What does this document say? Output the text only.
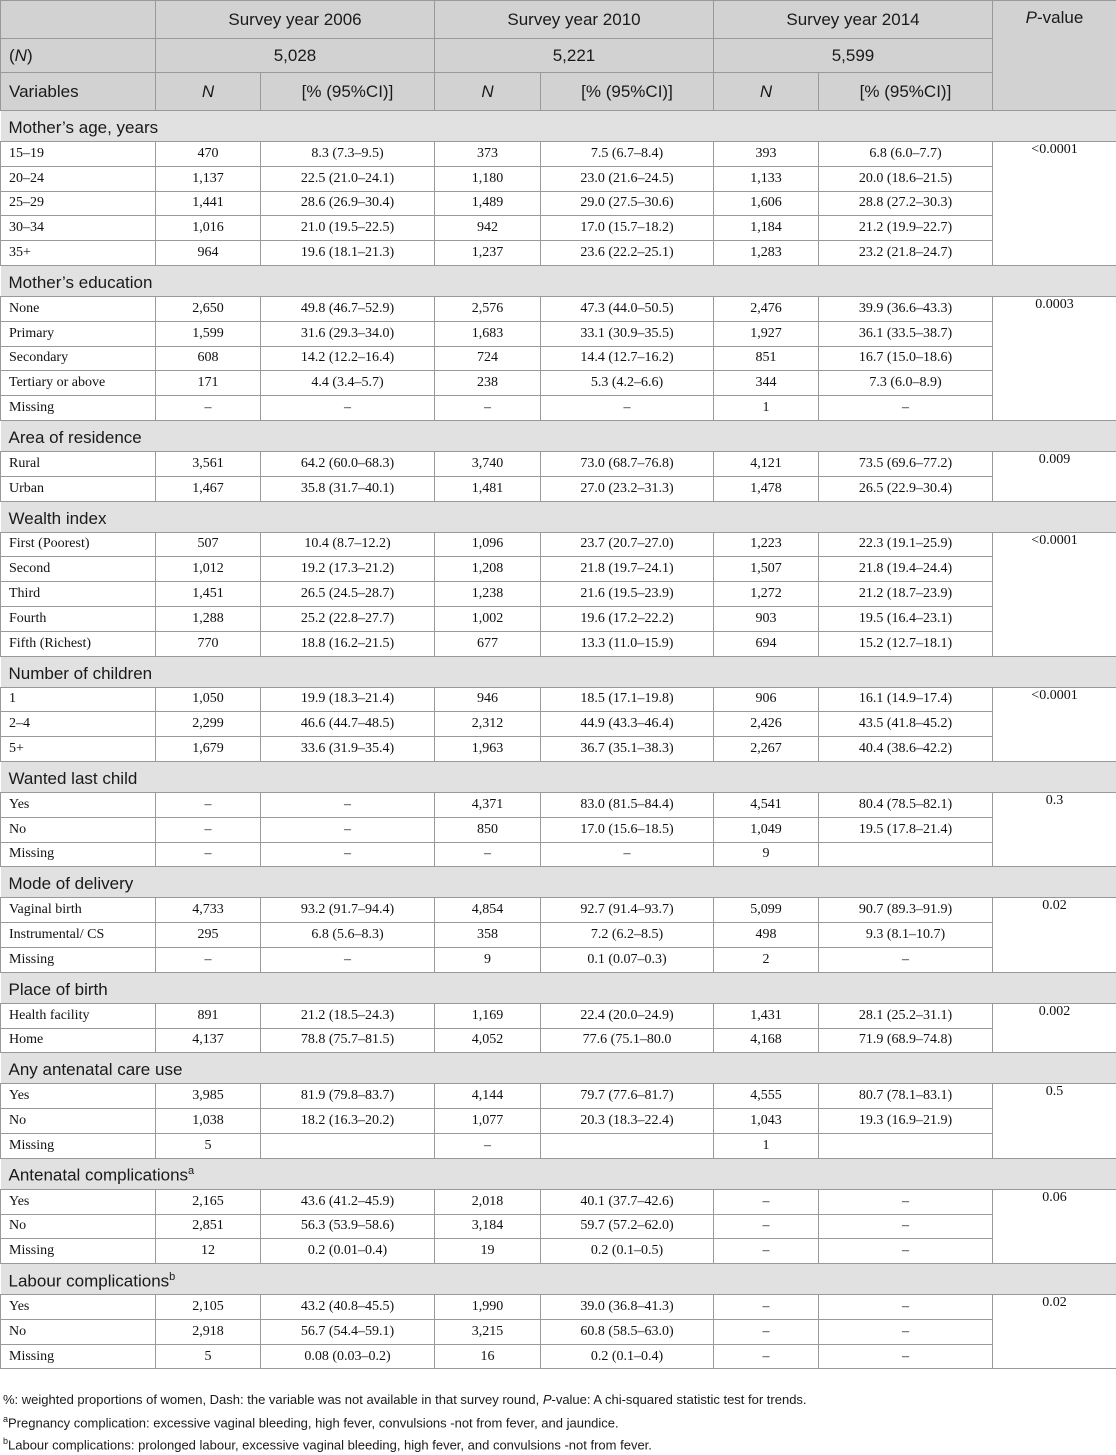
	Survey year 2006		Survey year 2010		Survey year 2014		P-value
(N)	5,028		5,221		5,599		
Variables	N	[% (95%CI)]	N	[% (95%CI)]	N	[% (95%CI)]	
Mother’s age, years							
15–19	470	8.3 (7.3–9.5)	373	7.5 (6.7–8.4)	393	6.8 (6.0–7.7)	<0.0001
20–24	1,137	22.5 (21.0–24.1)	1,180	23.0 (21.6–24.5)	1,133	20.0 (18.6–21.5)	
25–29	1,441	28.6 (26.9–30.4)	1,489	29.0 (27.5–30.6)	1,606	28.8 (27.2–30.3)	
30–34	1,016	21.0 (19.5–22.5)	942	17.0 (15.7–18.2)	1,184	21.2 (19.9–22.7)	
35+	964	19.6 (18.1–21.3)	1,237	23.6 (22.2–25.1)	1,283	23.2 (21.8–24.7)	
Mother’s education							
None	2,650	49.8 (46.7–52.9)	2,576	47.3 (44.0–50.5)	2,476	39.9 (36.6–43.3)	0.0003
Primary	1,599	31.6 (29.3–34.0)	1,683	33.1 (30.9–35.5)	1,927	36.1 (33.5–38.7)	
Secondary	608	14.2 (12.2–16.4)	724	14.4 (12.7–16.2)	851	16.7 (15.0–18.6)	
Tertiary or above	171	4.4 (3.4–5.7)	238	5.3 (4.2–6.6)	344	7.3 (6.0–8.9)	
Missing	–	–	–	–	1	–	
Area of residence							
Rural	3,561	64.2 (60.0–68.3)	3,740	73.0 (68.7–76.8)	4,121	73.5 (69.6–77.2)	0.009
Urban	1,467	35.8 (31.7–40.1)	1,481	27.0 (23.2–31.3)	1,478	26.5 (22.9–30.4)	
Wealth index							
First (Poorest)	507	10.4 (8.7–12.2)	1,096	23.7 (20.7–27.0)	1,223	22.3 (19.1–25.9)	<0.0001
Second	1,012	19.2 (17.3–21.2)	1,208	21.8 (19.7–24.1)	1,507	21.8 (19.4–24.4)	
Third	1,451	26.5 (24.5–28.7)	1,238	21.6 (19.5–23.9)	1,272	21.2 (18.7–23.9)	
Fourth	1,288	25.2 (22.8–27.7)	1,002	19.6 (17.2–22.2)	903	19.5 (16.4–23.1)	
Fifth (Richest)	770	18.8 (16.2–21.5)	677	13.3 (11.0–15.9)	694	15.2 (12.7–18.1)	
Number of children							
1	1,050	19.9 (18.3–21.4)	946	18.5 (17.1–19.8)	906	16.1 (14.9–17.4)	<0.0001
2–4	2,299	46.6 (44.7–48.5)	2,312	44.9 (43.3–46.4)	2,426	43.5 (41.8–45.2)	
5+	1,679	33.6 (31.9–35.4)	1,963	36.7 (35.1–38.3)	2,267	40.4 (38.6–42.2)	
Wanted last child							
Yes	–	–	4,371	83.0 (81.5–84.4)	4,541	80.4 (78.5–82.1)	0.3
No	–	–	850	17.0 (15.6–18.5)	1,049	19.5 (17.8–21.4)	
Missing	–	–	–	–	9		
Mode of delivery							
Vaginal birth	4,733	93.2 (91.7–94.4)	4,854	92.7 (91.4–93.7)	5,099	90.7 (89.3–91.9)	0.02
Instrumental/ CS	295	6.8 (5.6–8.3)	358	7.2 (6.2–8.5)	498	9.3 (8.1–10.7)	
Missing	–	–	9	0.1 (0.07–0.3)	2	–	
Place of birth							
Health facility	891	21.2 (18.5–24.3)	1,169	22.4 (20.0–24.9)	1,431	28.1 (25.2–31.1)	0.002
Home	4,137	78.8 (75.7–81.5)	4,052	77.6 (75.1–80.0	4,168	71.9 (68.9–74.8)	
Any antenatal care use							
Yes	3,985	81.9 (79.8–83.7)	4,144	79.7 (77.6–81.7)	4,555	80.7 (78.1–83.1)	0.5
No	1,038	18.2 (16.3–20.2)	1,077	20.3 (18.3–22.4)	1,043	19.3 (16.9–21.9)	
Missing	5		–		1		
Antenatal complications$^a$
Yes	2,165	43.6 (41.2–45.9)	2,018	40.1 (37.7–42.6)	–	–	0.06
No	2,851	56.3 (53.9–58.6)	3,184	59.7 (57.2–62.0)	–	–	
Missing	12	0.2 (0.01–0.4)	19	0.2 (0.1–0.5)	–	–	
Labour complications$^b$
Yes	2,105	43.2 (40.8–45.5)	1,990	39.0 (36.8–41.3)	–	–	0.02
No	2,918	56.7 (54.4–59.1)	3,215	60.8 (58.5–63.0)	–	–	
Missing	5	0.08 (0.03–0.2)	16	0.2 (0.1–0.4)	–	–	
%: weighted proportions of women, Dash: the variable was not available in that survey round, P-value: A chi-squared statistic test for trends.
$^a$Pregnancy complication: excessive vaginal bleeding, high fever, convulsions -not from fever, and jaundice.
$^b$Labour complications: prolonged labour, excessive vaginal bleeding, high fever, and convulsions -not from fever.
